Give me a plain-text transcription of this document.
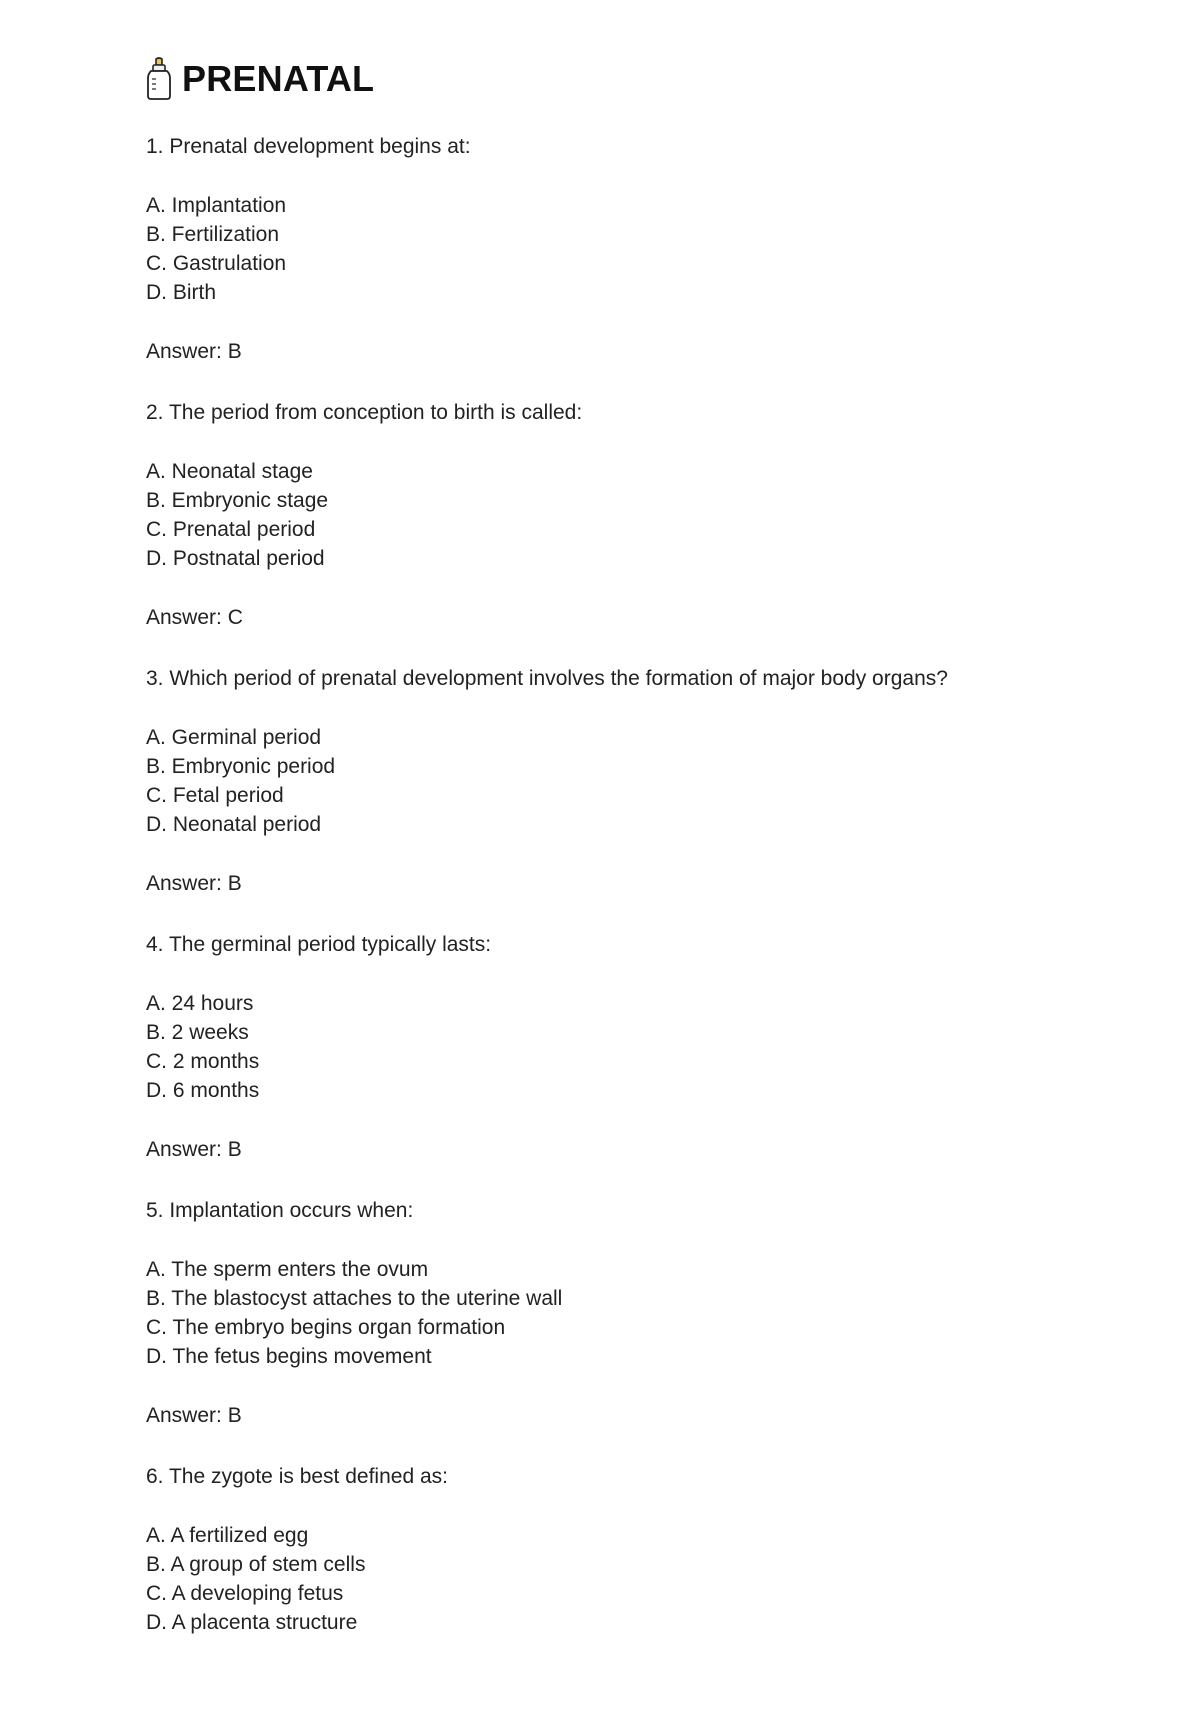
PRENATAL
1. Prenatal development begins at:
A. Implantation
B. Fertilization
C. Gastrulation
D. Birth
Answer: B
2. The period from conception to birth is called:
A. Neonatal stage
B. Embryonic stage
C. Prenatal period
D. Postnatal period
Answer: C
3. Which period of prenatal development involves the formation of major body organs?
A. Germinal period
B. Embryonic period
C. Fetal period
D. Neonatal period
Answer: B
4. The germinal period typically lasts:
A. 24 hours
B. 2 weeks
C. 2 months
D. 6 months
Answer: B
5. Implantation occurs when:
A. The sperm enters the ovum
B. The blastocyst attaches to the uterine wall
C. The embryo begins organ formation
D. The fetus begins movement
Answer: B
6. The zygote is best defined as:
A. A fertilized egg
B. A group of stem cells
C. A developing fetus
D. A placenta structure
